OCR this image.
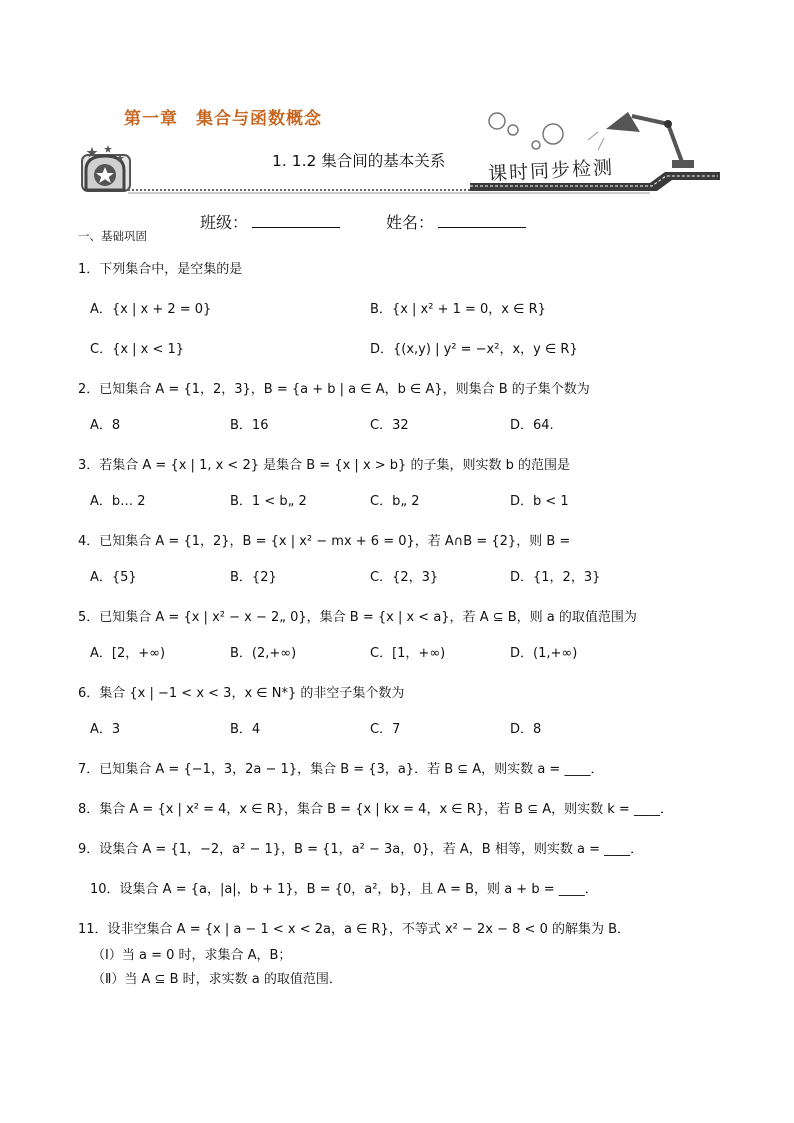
第一章　集合与函数概念
1. 1.2 集合间的基本关系 课时同步检测
班级：	姓名：
一、基础巩固
1．下列集合中，是空集的是
A．{x | x + 2 = 0}	B．{x | x² + 1 = 0，x ∈ R}
C．{x | x < 1}	D．{(x,y) | y² = −x²，x，y ∈ R}
2．已知集合 A = {1，2，3}，B = {a + b | a ∈ A，b ∈ A}，则集合 B 的子集个数为
A．8	B．16	C．32	D．64.
3．若集合 A = {x | 1, x < 2} 是集合 B = {x | x > b} 的子集，则实数 b 的范围是
A．b… 2	B．1 < b„ 2	C．b„ 2	D．b < 1
4．已知集合 A = {1，2}，B = {x | x² − mx + 6 = 0}，若 A∩B = {2}，则 B =
A．{5}	B．{2}	C．{2，3}	D．{1，2，3}
5．已知集合 A = {x | x² − x − 2„ 0}，集合 B = {x | x < a}，若 A ⊆ B，则 a 的取值范围为
A．[2，+∞)	B．(2,+∞)	C．[1，+∞)	D．(1,+∞)
6．集合 {x | −1 < x < 3，x ∈ N*} 的非空子集个数为
A．3	B．4	C．7	D．8
7．已知集合 A = {−1，3，2a − 1}，集合 B = {3，a}．若 B ⊆ A，则实数 a = ____．
8．集合 A = {x | x² = 4，x ∈ R}，集合 B = {x | kx = 4，x ∈ R}，若 B ⊆ A，则实数 k = ____．
9．设集合 A = {1，−2，a² − 1}，B = {1，a² − 3a，0}，若 A，B 相等，则实数 a = ____．
10．设集合 A = {a，|a|，b + 1}，B = {0，a²，b}，且 A = B，则 a + b = ____．
11．设非空集合 A = {x | a − 1 < x < 2a，a ∈ R}，不等式 x² − 2x − 8 < 0 的解集为 B．
（Ⅰ）当 a = 0 时，求集合 A，B；
（Ⅱ）当 A ⊆ B 时，求实数 a 的取值范围．
